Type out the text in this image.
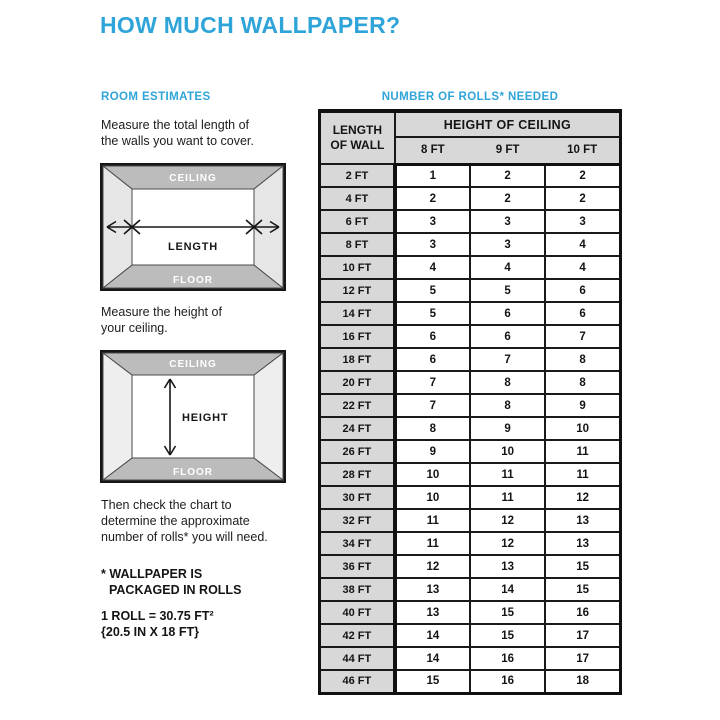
HOW MUCH WALLPAPER?
ROOM ESTIMATES
Measure the total length of
the walls you want to cover.
CEILING
FLOOR
LENGTH
Measure the height of
your ceiling.
CEILING
FLOOR
HEIGHT
Then check the chart to
determine the approximate
number of rolls* you will need.
* WALLPAPER IS
PACKAGED IN ROLLS
1 ROLL = 30.75 FT²
{20.5 IN X 18 FT}
NUMBER OF ROLLS* NEEDED
LENGTH
OF WALL	HEIGHT OF CEILING		
	8 FT	9 FT	10 FT
2 FT	1	2	2
4 FT	2	2	2
6 FT	3	3	3
8 FT	3	3	4
10 FT	4	4	4
12 FT	5	5	6
14 FT	5	6	6
16 FT	6	6	7
18 FT	6	7	8
20 FT	7	8	8
22 FT	7	8	9
24 FT	8	9	10
26 FT	9	10	11
28 FT	10	11	11
30 FT	10	11	12
32 FT	11	12	13
34 FT	11	12	13
36 FT	12	13	15
38 FT	13	14	15
40 FT	13	15	16
42 FT	14	15	17
44 FT	14	16	17
46 FT	15	16	18
